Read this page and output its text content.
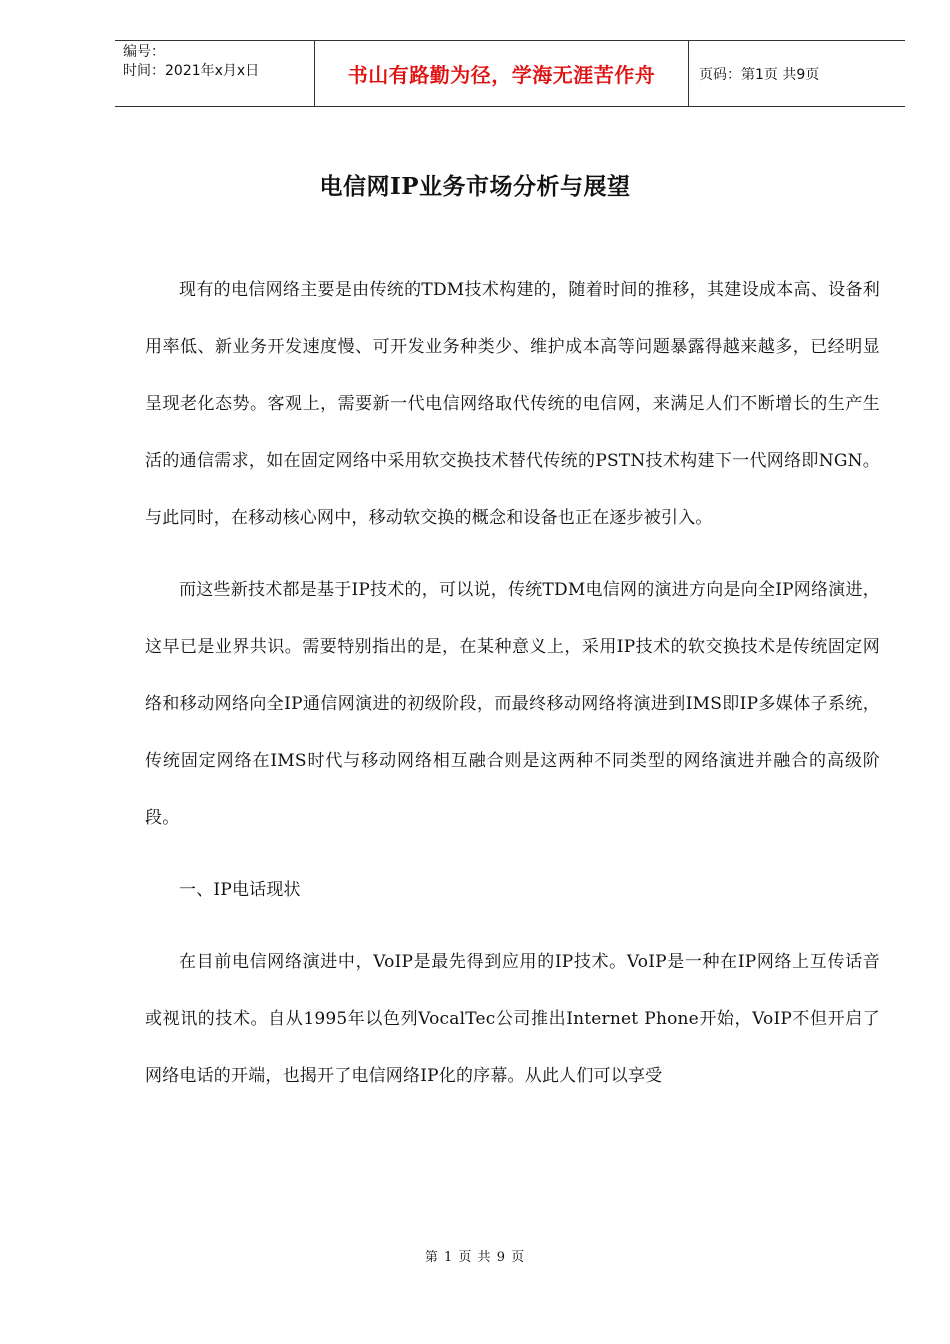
编号：
时间：2021年x月x日	书山有路勤为径，学海无涯苦作舟	页码：第1页 共9页
电信网IP业务市场分析与展望

现有的电信网络主要是由传统的TDM技术构建的，随着时间的推移，其建设成本高、设备利用率低、新业务开发速度慢、可开发业务种类少、维护成本高等问题暴露得越来越多，已经明显呈现老化态势。客观上，需要新一代电信网络取代传统的电信网，来满足人们不断增长的生产生活的通信需求，如在固定网络中采用软交换技术替代传统的PSTN技术构建下一代网络即NGN。与此同时，在移动核心网中，移动软交换的概念和设备也正在逐步被引入。

而这些新技术都是基于IP技术的，可以说，传统TDM电信网的演进方向是向全IP网络演进，这早已是业界共识。需要特别指出的是，在某种意义上，采用IP技术的软交换技术是传统固定网络和移动网络向全IP通信网演进的初级阶段，而最终移动网络将演进到IMS即IP多媒体子系统，传统固定网络在IMS时代与移动网络相互融合则是这两种不同类型的网络演进并融合的高级阶段。

一、IP电话现状

在目前电信网络演进中，VoIP是最先得到应用的IP技术。VoIP是一种在IP网络上互传话音或视讯的技术。自从1995年以色列VocalTec公司推出Internet Phone开始，VoIP不但开启了网络电话的开端，也揭开了电信网络IP化的序幕。从此人们可以享受

第 1 页 共 9 页
